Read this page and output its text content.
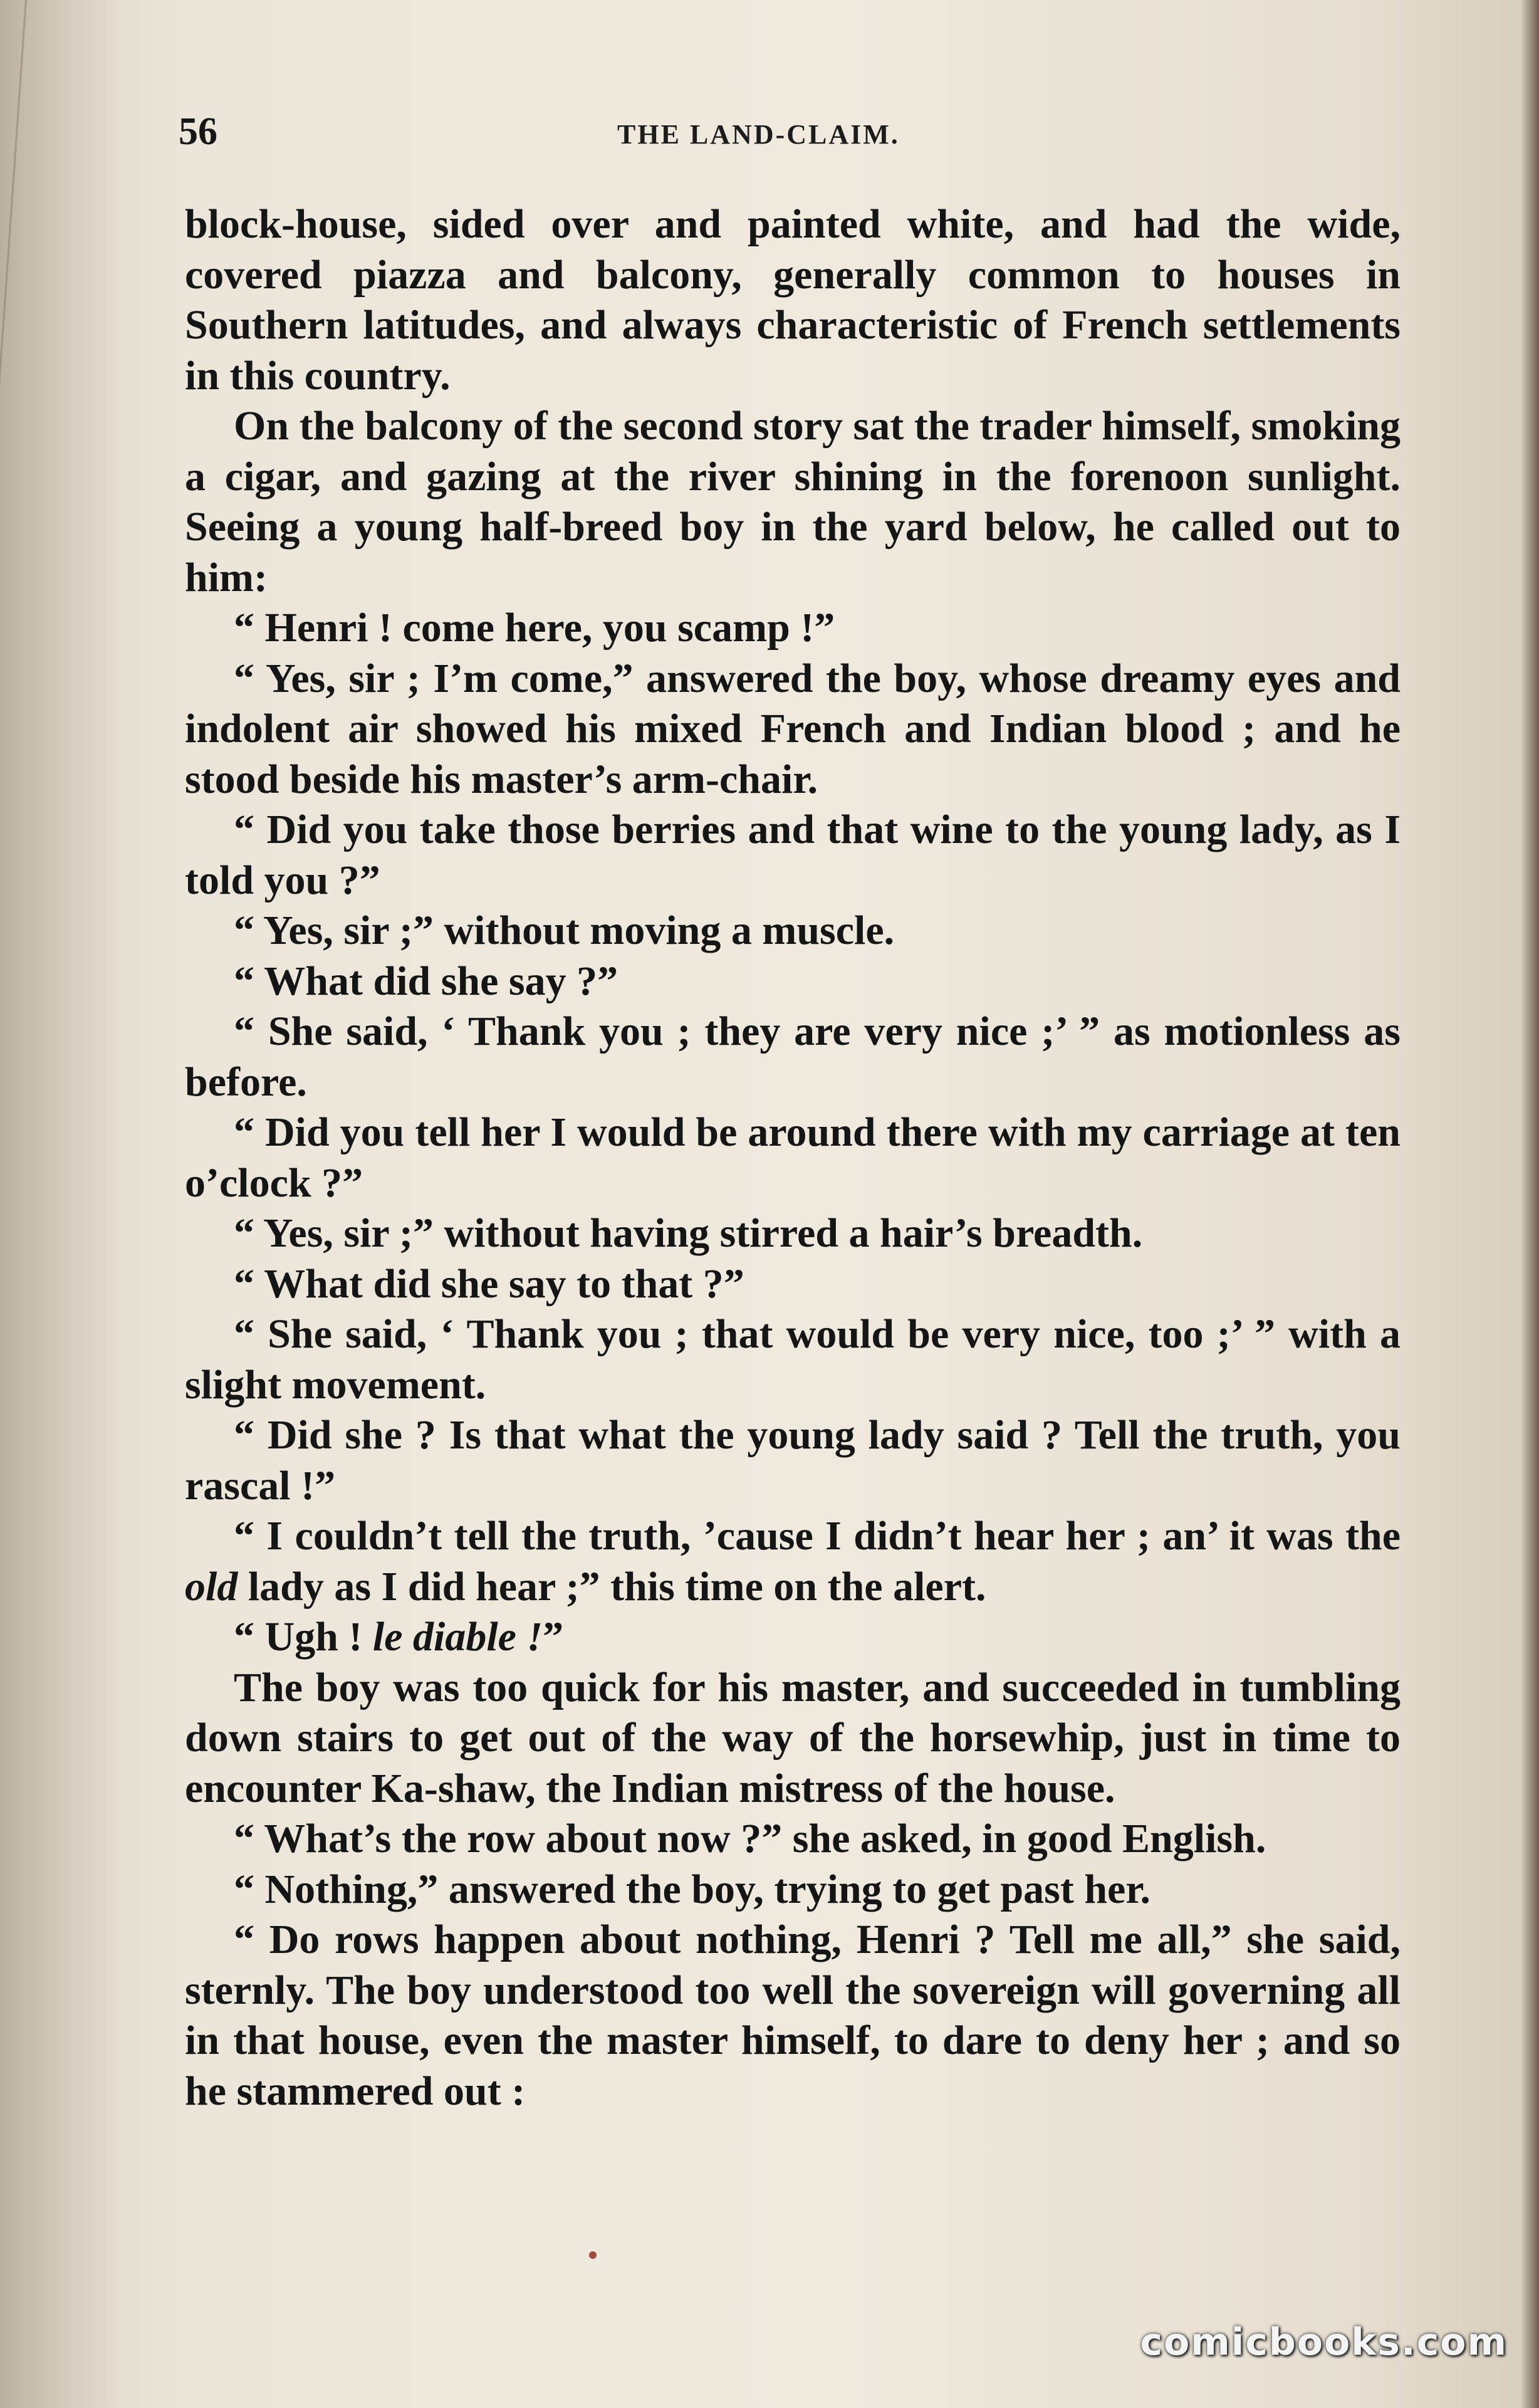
56	THE LAND-CLAIM.

block-house, sided over and painted white, and had the wide, covered piazza and balcony, generally common to houses in Southern latitudes, and always characteristic of French settlements in this country.

On the balcony of the second story sat the trader himself, smoking a cigar, and gazing at the river shining in the forenoon sunlight. Seeing a young half-breed boy in the yard below, he called out to him:

“ Henri ! come here, you scamp !”

“ Yes, sir ; I’m come,” answered the boy, whose dreamy eyes and indolent air showed his mixed French and Indian blood ; and he stood beside his master’s arm-chair.

“ Did you take those berries and that wine to the young lady, as I told you ?”

“ Yes, sir ;” without moving a muscle.

“ What did she say ?”

“ She said, ‘ Thank you ; they are very nice ;’ ” as motionless as before.

“ Did you tell her I would be around there with my carriage at ten o’clock ?”

“ Yes, sir ;” without having stirred a hair’s breadth.

“ What did she say to that ?”

“ She said, ‘ Thank you ; that would be very nice, too ;’ ” with a slight movement.

“ Did she ? Is that what the young lady said ? Tell the truth, you rascal !”

“ I couldn’t tell the truth, ’cause I didn’t hear her ; an’ it was the old lady as I did hear ;” this time on the alert.

“ Ugh ! le diable !”

The boy was too quick for his master, and succeeded in tumbling down stairs to get out of the way of the horsewhip, just in time to encounter Ka-shaw, the Indian mistress of the house.

“ What’s the row about now ?” she asked, in good English.

“ Nothing,” answered the boy, trying to get past her.

“ Do rows happen about nothing, Henri ? Tell me all,” she said, sternly. The boy understood too well the sovereign will governing all in that house, even the master himself, to dare to deny her ; and so he stammered out :

comicbooks.com
